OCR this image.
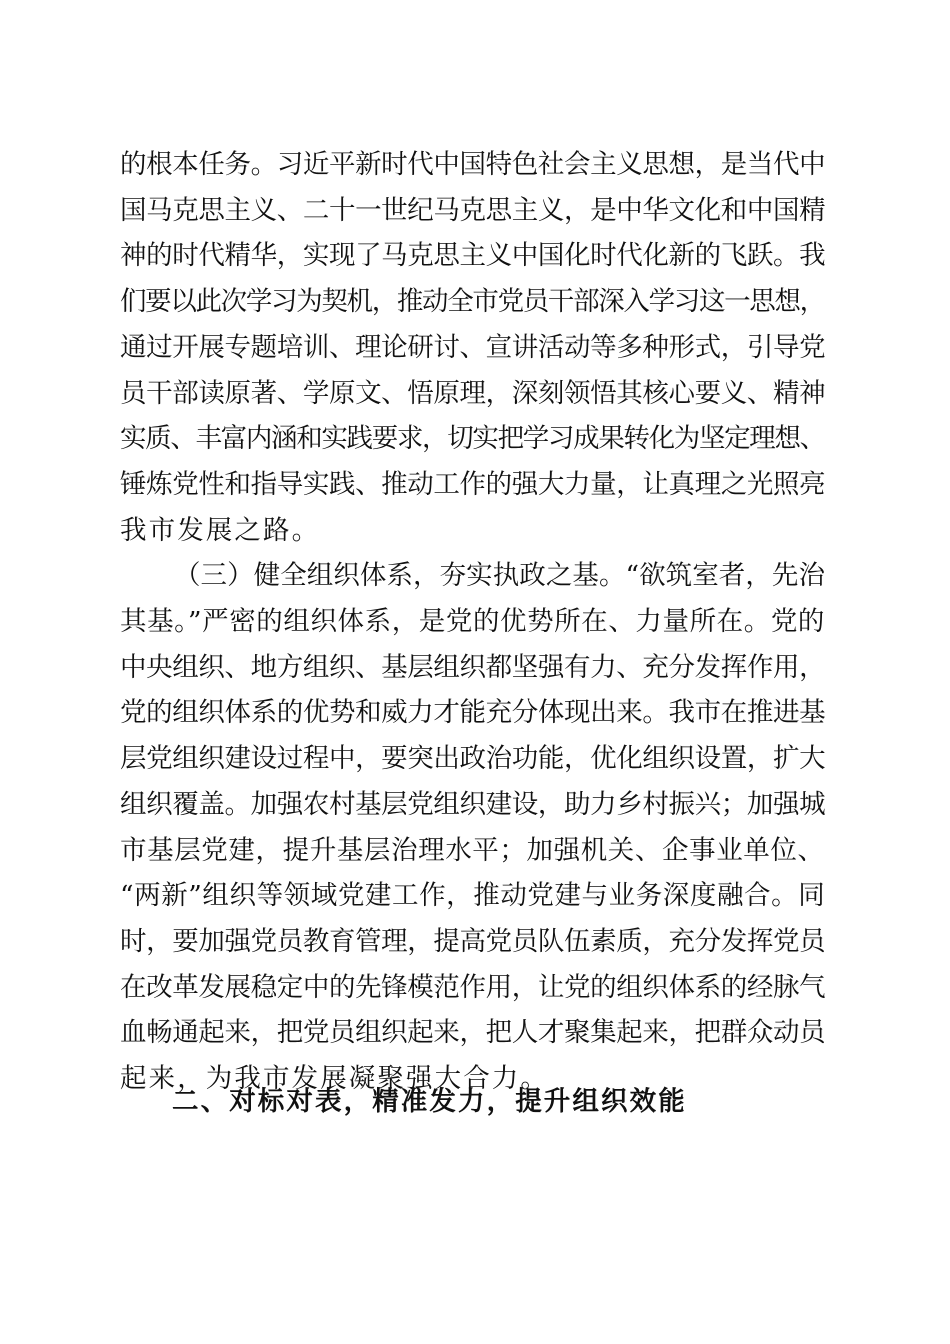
的根本任务。习近平新时代中国特色社会主义思想，是当代中
国马克思主义、二十一世纪马克思主义，是中华文化和中国精
神的时代精华，实现了马克思主义中国化时代化新的飞跃。我
们要以此次学习为契机，推动全市党员干部深入学习这一思想，
通过开展专题培训、理论研讨、宣讲活动等多种形式，引导党
员干部读原著、学原文、悟原理，深刻领悟其核心要义、精神
实质、丰富内涵和实践要求，切实把学习成果转化为坚定理想、
锤炼党性和指导实践、推动工作的强大力量，让真理之光照亮
我市发展之路。

（三）健全组织体系，夯实执政之基。“欲筑室者，先治
其基。”严密的组织体系，是党的优势所在、力量所在。党的
中央组织、地方组织、基层组织都坚强有力、充分发挥作用，
党的组织体系的优势和威力才能充分体现出来。我市在推进基
层党组织建设过程中，要突出政治功能，优化组织设置，扩大
组织覆盖。加强农村基层党组织建设，助力乡村振兴；加强城
市基层党建，提升基层治理水平；加强机关、企事业单位、
“两新”组织等领域党建工作，推动党建与业务深度融合。同
时，要加强党员教育管理，提高党员队伍素质，充分发挥党员
在改革发展稳定中的先锋模范作用，让党的组织体系的经脉气
血畅通起来，把党员组织起来，把人才聚集起来，把群众动员
起来，为我市发展凝聚强大合力。

二、对标对表，精准发力，提升组织效能
